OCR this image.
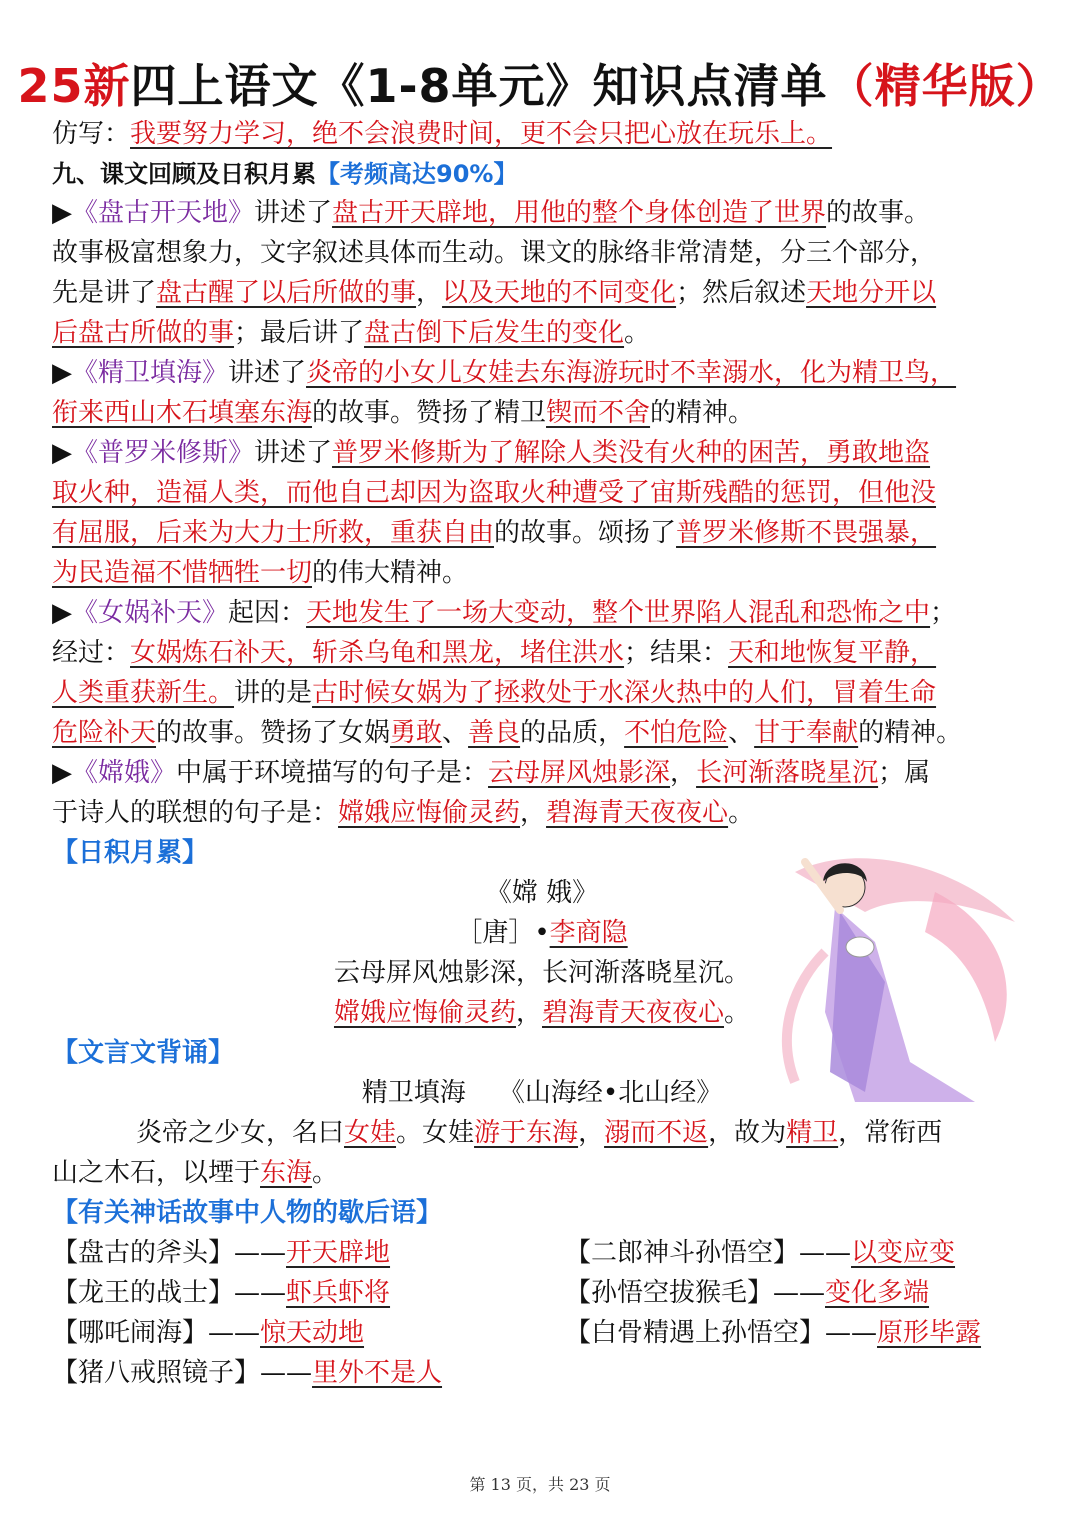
25新四上语文《1-8单元》知识点清单（精华版）
仿写：我要努力学习，绝不会浪费时间，更不会只把心放在玩乐上。
九、课文回顾及日积月累【考频高达90%】
▶《盘古开天地》讲述了盘古开天辟地，用他的整个身体创造了世界的故事。
故事极富想象力，文字叙述具体而生动。课文的脉络非常清楚，分三个部分，
先是讲了盘古醒了以后所做的事，以及天地的不同变化；然后叙述天地分开以
后盘古所做的事；最后讲了盘古倒下后发生的变化。
▶《精卫填海》讲述了炎帝的小女儿女娃去东海游玩时不幸溺水，化为精卫鸟，
衔来西山木石填塞东海的故事。赞扬了精卫锲而不舍的精神。
▶《普罗米修斯》讲述了普罗米修斯为了解除人类没有火种的困苦，勇敢地盗
取火种，造福人类，而他自己却因为盗取火种遭受了宙斯残酷的惩罚，但他没
有屈服，后来为大力士所救，重获自由的故事。颂扬了普罗米修斯不畏强暴，
为民造福不惜牺牲一切的伟大精神。
▶《女娲补天》起因：天地发生了一场大变动，整个世界陷人混乱和恐怖之中；
经过：女娲炼石补天，斩杀乌龟和黑龙，堵住洪水；结果：天和地恢复平静，
人类重获新生。讲的是古时候女娲为了拯救处于水深火热中的人们，冒着生命
危险补天的故事。赞扬了女娲勇敢、善良的品质，不怕危险、甘于奉献的精神。
▶《嫦娥》中属于环境描写的句子是：云母屏风烛影深，长河渐落晓星沉；属
于诗人的联想的句子是：嫦娥应悔偷灵药，碧海青天夜夜心。
【日积月累】
《嫦 娥》
［唐］•李商隐
云母屏风烛影深，长河渐落晓星沉。
嫦娥应悔偷灵药，碧海青天夜夜心。
【文言文背诵】
精卫填海 《山海经•北山经》
炎帝之少女，名曰女娃。女娃游于东海，溺而不返，故为精卫，常衔西
山之木石，以堙于东海。
【有关神话故事中人物的歇后语】
【盘古的斧头】——开天辟地
【龙王的战士】——虾兵虾将
【哪吒闹海】——惊天动地
【猪八戒照镜子】——里外不是人
【二郎神斗孙悟空】——以变应变
【孙悟空拔猴毛】——变化多端
【白骨精遇上孙悟空】——原形毕露
第 13 页，共 23 页
